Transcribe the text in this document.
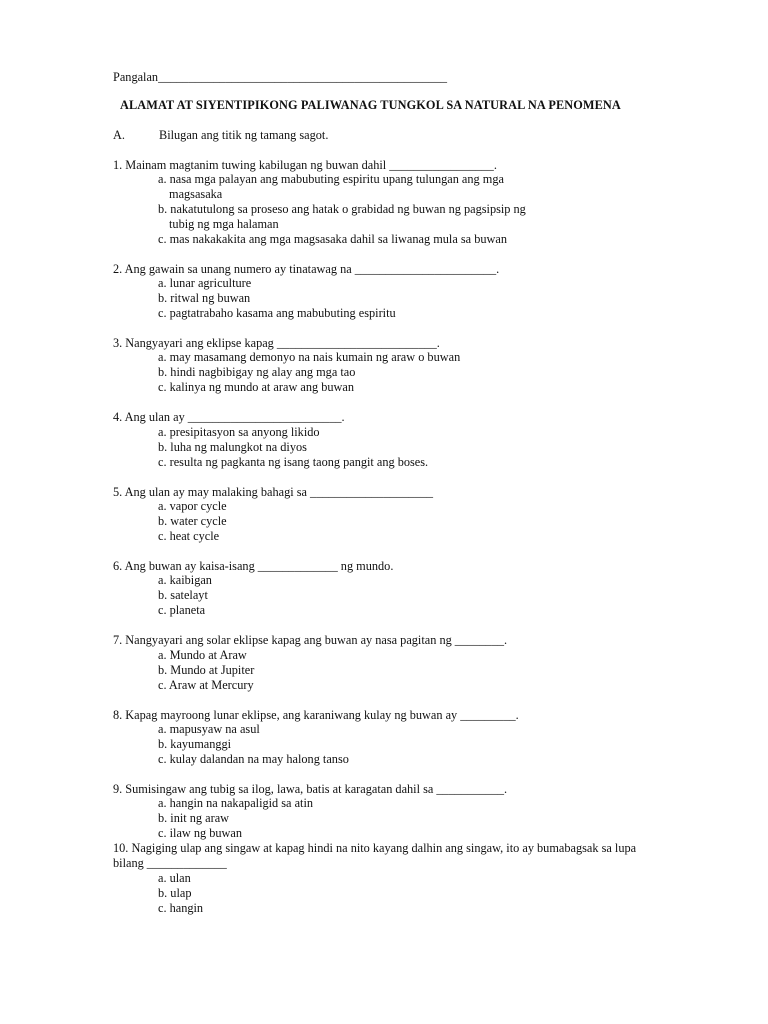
Pangalan_______________________________________________
ALAMAT AT SIYENTIPIKONG PALIWANAG TUNGKOL SA NATURAL NA PENOMENA
A.	Bilugan ang titik ng tamang sagot.
1. Mainam magtanim tuwing kabilugan ng buwan dahil _________________.
a. nasa mga palayan ang mabubuting espiritu upang tulungan ang mga
magsasaka
b. nakatutulong sa proseso ang hatak o grabidad ng buwan ng pagsipsip ng
tubig ng mga halaman
c. mas nakakakita ang mga magsasaka dahil sa liwanag mula sa buwan
2. Ang gawain sa unang numero ay tinatawag na _______________________.
a. lunar agriculture
b. ritwal ng buwan
c. pagtatrabaho kasama ang mabubuting espiritu
3. Nangyayari ang eklipse kapag __________________________.
a. may masamang demonyo na nais kumain ng araw o buwan
b. hindi nagbibigay ng alay ang mga tao
c. kalinya ng mundo at araw ang buwan
4. Ang ulan ay _________________________.
a. presipitasyon sa anyong likido
b. luha ng malungkot na diyos
c. resulta ng pagkanta ng isang taong pangit ang boses.
5. Ang ulan ay may malaking bahagi sa ____________________
a. vapor cycle
b. water cycle
c. heat cycle
6. Ang buwan ay kaisa-isang _____________ ng mundo.
a. kaibigan
b. satelayt
c. planeta
7. Nangyayari ang solar eklipse kapag ang buwan ay nasa pagitan ng ________.
a. Mundo at Araw
b. Mundo at Jupiter
c. Araw at Mercury
8. Kapag mayroong lunar eklipse, ang karaniwang kulay ng buwan ay _________.
a. mapusyaw na asul
b. kayumanggi
c. kulay dalandan na may halong tanso
9. Sumisingaw ang tubig sa ilog, lawa, batis at karagatan dahil sa ___________.
a. hangin na nakapaligid sa atin
b. init ng araw
c. ilaw ng buwan
10. Nagiging ulap ang singaw at kapag hindi na nito kayang dalhin ang singaw, ito ay bumabagsak sa lupa
bilang _____________
a. ulan
b. ulap
c. hangin
